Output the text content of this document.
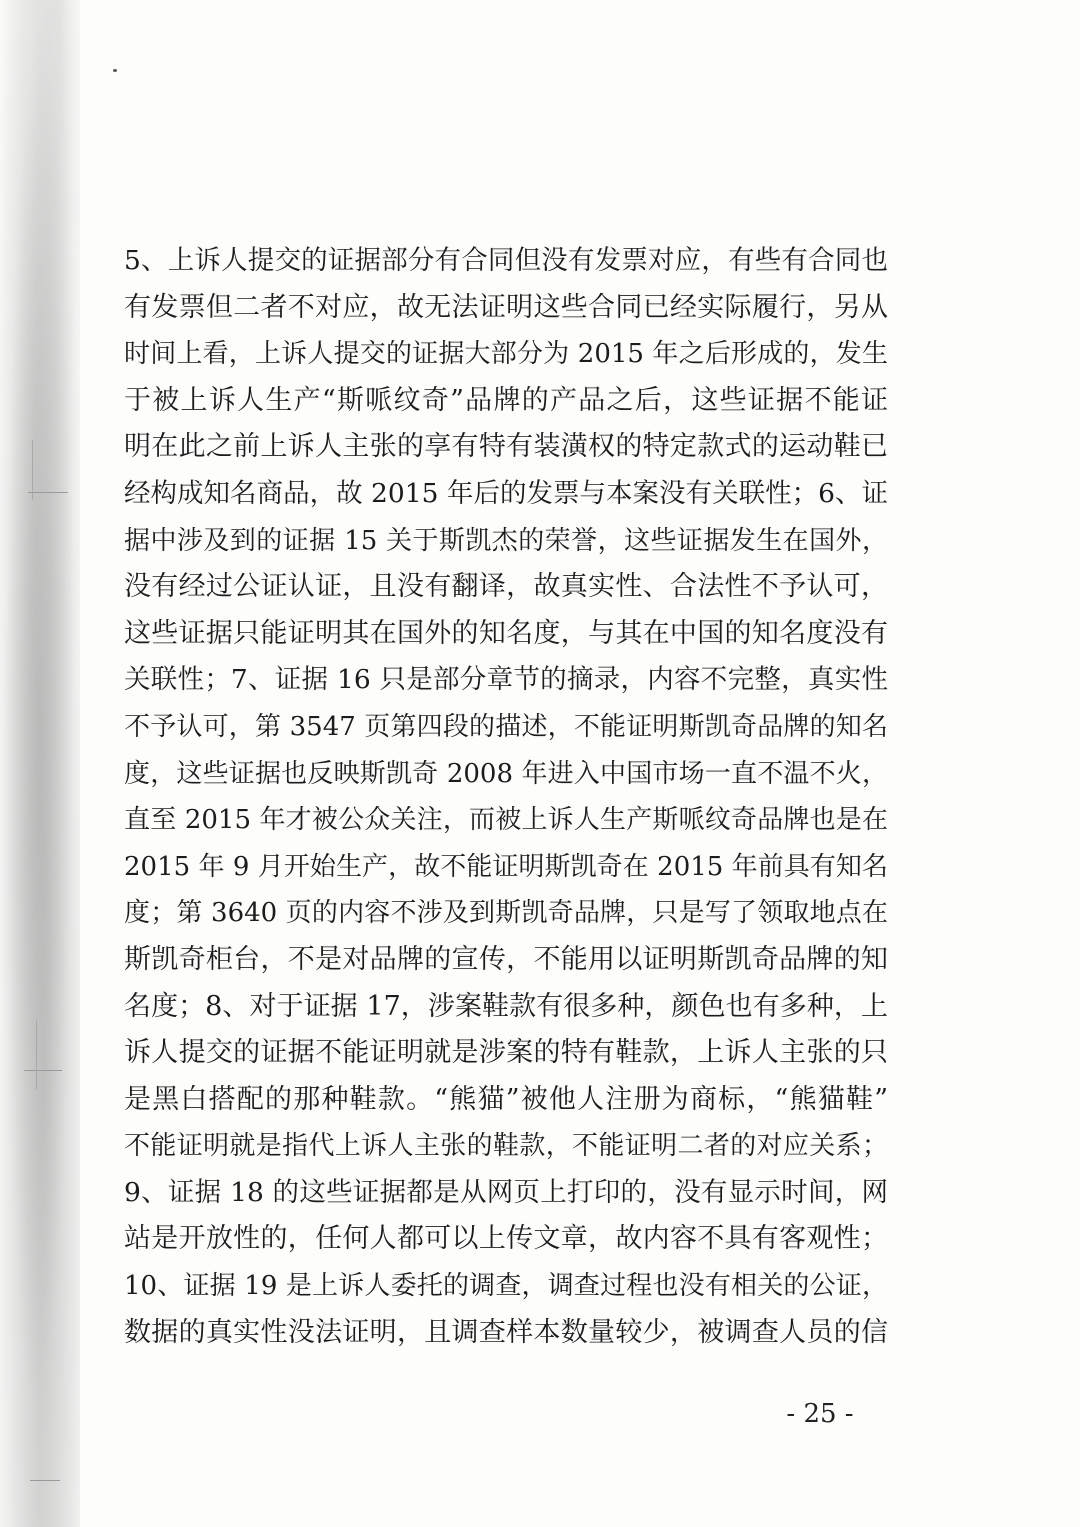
5、上诉人提交的证据部分有合同但没有发票对应，有些有合同也
有发票但二者不对应，故无法证明这些合同已经实际履行，另从
时间上看，上诉人提交的证据大部分为 2015 年之后形成的，发生
于被上诉人生产“斯哌纹奇”品牌的产品之后，这些证据不能证
明在此之前上诉人主张的享有特有装潢权的特定款式的运动鞋已
经构成知名商品，故 2015 年后的发票与本案没有关联性；6、证
据中涉及到的证据 15 关于斯凯杰的荣誉，这些证据发生在国外，
没有经过公证认证，且没有翻译，故真实性、合法性不予认可，
这些证据只能证明其在国外的知名度，与其在中国的知名度没有
关联性；7、证据 16 只是部分章节的摘录，内容不完整，真实性
不予认可，第 3547 页第四段的描述，不能证明斯凯奇品牌的知名
度，这些证据也反映斯凯奇 2008 年进入中国市场一直不温不火，
直至 2015 年才被公众关注，而被上诉人生产斯哌纹奇品牌也是在
2015 年 9 月开始生产，故不能证明斯凯奇在 2015 年前具有知名
度；第 3640 页的内容不涉及到斯凯奇品牌，只是写了领取地点在
斯凯奇柜台，不是对品牌的宣传，不能用以证明斯凯奇品牌的知
名度；8、对于证据 17，涉案鞋款有很多种，颜色也有多种，上
诉人提交的证据不能证明就是涉案的特有鞋款，上诉人主张的只
是黑白搭配的那种鞋款。“熊猫”被他人注册为商标，“熊猫鞋”
不能证明就是指代上诉人主张的鞋款，不能证明二者的对应关系；
9、证据 18 的这些证据都是从网页上打印的，没有显示时间，网
站是开放性的，任何人都可以上传文章，故内容不具有客观性；
10、证据 19 是上诉人委托的调查，调查过程也没有相关的公证，
数据的真实性没法证明，且调查样本数量较少，被调查人员的信
- 25 -
